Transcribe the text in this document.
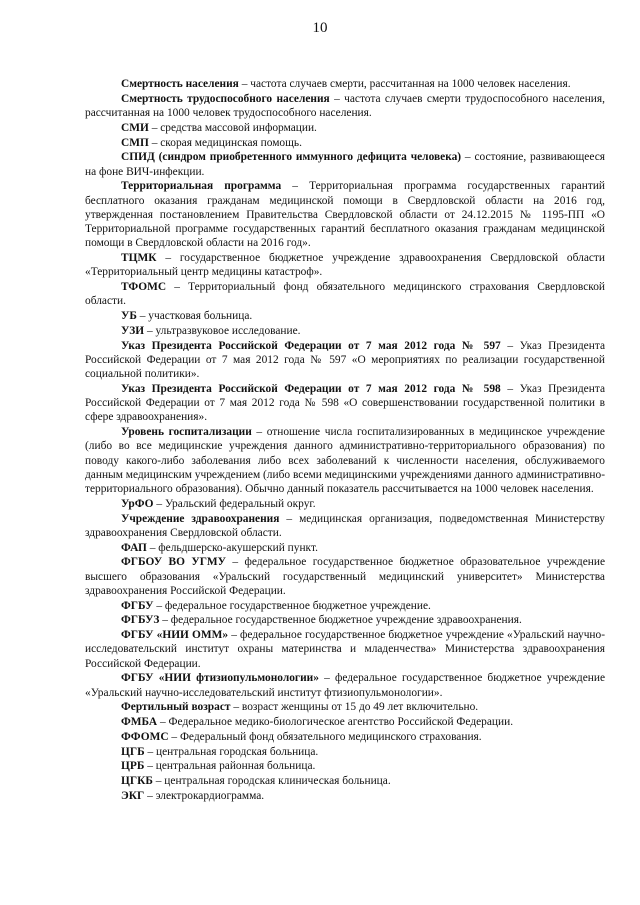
10

Смертность населения – частота случаев смерти, рассчитанная на 1000 человек населения.

Смертность трудоспособного населения – частота случаев смерти трудоспособного населения, рассчитанная на 1000 человек трудоспособного населения.

СМИ – средства массовой информации.

СМП – скорая медицинская помощь.

СПИД (синдром приобретенного иммунного дефицита человека) – состояние, развивающееся на фоне ВИЧ-инфекции.

Территориальная программа – Территориальная программа государственных гарантий бесплатного оказания гражданам медицинской помощи в Свердловской области на 2016 год, утвержденная постановлением Правительства Свердловской области от 24.12.2015 № 1195-ПП «О Территориальной программе государственных гарантий бесплатного оказания гражданам медицинской помощи в Свердловской области на 2016 год».

ТЦМК – государственное бюджетное учреждение здравоохранения Свердловской области «Территориальный центр медицины катастроф».

ТФОМС – Территориальный фонд обязательного медицинского страхования Свердловской области.

УБ – участковая больница.

УЗИ – ультразвуковое исследование.

Указ Президента Российской Федерации от 7 мая 2012 года № 597 – Указ Президента Российской Федерации от 7 мая 2012 года № 597 «О мероприятиях по реализации государственной социальной политики».

Указ Президента Российской Федерации от 7 мая 2012 года № 598 – Указ Президента Российской Федерации от 7 мая 2012 года № 598 «О совершенствовании государственной политики в сфере здравоохранения».

Уровень госпитализации – отношение числа госпитализированных в медицинское учреждение (либо во все медицинские учреждения данного административно-территориального образования) по поводу какого-либо заболевания либо всех заболеваний к численности населения, обслуживаемого данным медицинским учреждением (либо всеми медицинскими учреждениями данного административно-территориального образования). Обычно данный показатель рассчитывается на 1000 человек населения.

УрФО – Уральский федеральный округ.

Учреждение здравоохранения – медицинская организация, подведомственная Министерству здравоохранения Свердловской области.

ФАП – фельдшерско-акушерский пункт.

ФГБОУ ВО УГМУ – федеральное государственное бюджетное образовательное учреждение высшего образования «Уральский государственный медицинский университет» Министерства здравоохранения Российской Федерации.

ФГБУ – федеральное государственное бюджетное учреждение.

ФГБУЗ – федеральное государственное бюджетное учреждение здравоохранения.

ФГБУ «НИИ ОММ» – федеральное государственное бюджетное учреждение «Уральский научно-исследовательский институт охраны материнства и младенчества» Министерства здравоохранения Российской Федерации.

ФГБУ «НИИ фтизиопульмонологии» – федеральное государственное бюджетное учреждение «Уральский научно-исследовательский институт фтизиопульмонологии».

Фертильный возраст – возраст женщины от 15 до 49 лет включительно.

ФМБА – Федеральное медико-биологическое агентство Российской Федерации.

ФФОМС – Федеральный фонд обязательного медицинского страхования.

ЦГБ – центральная городская больница.

ЦРБ – центральная районная больница.

ЦГКБ – центральная городская клиническая больница.

ЭКГ – электрокардиограмма.
